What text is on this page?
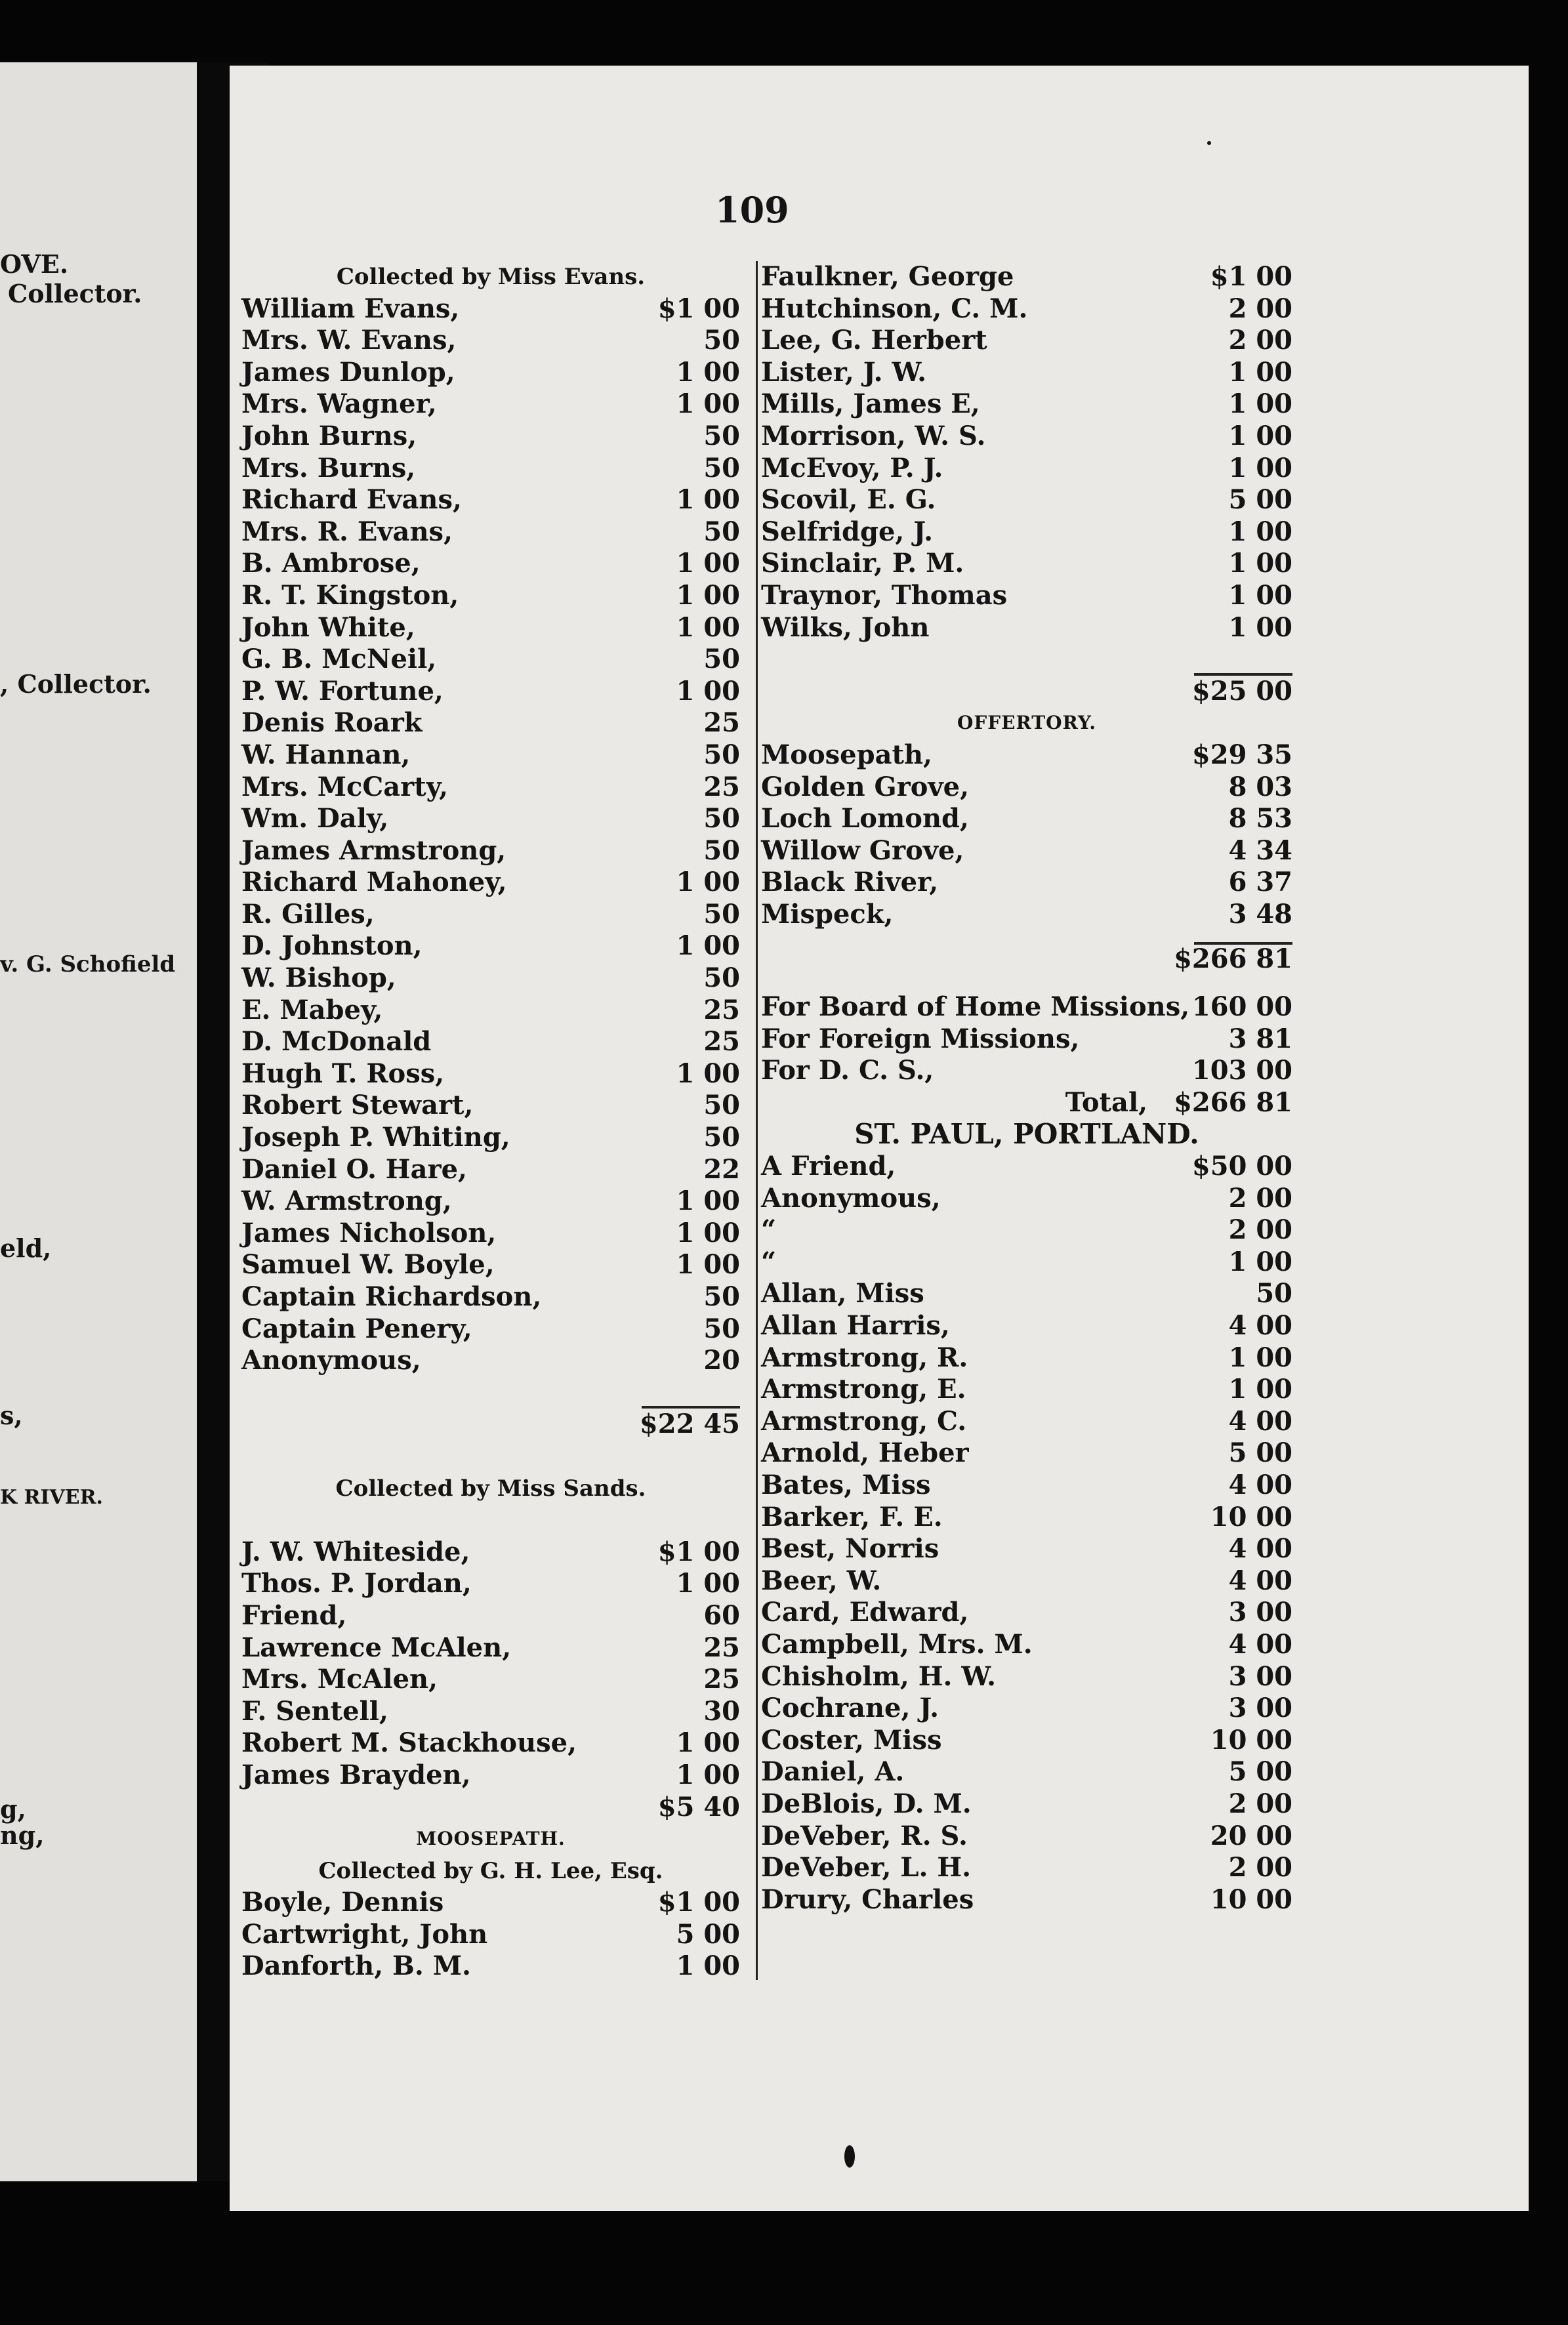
OVE.
Collector.
, Collector.
v. G. Schofield
eld,
s,
K RIVER.
g,
ng,
109
Collected by Miss Evans.
William Evans,	$1 00
Mrs. W. Evans,	50
James Dunlop,	1 00
Mrs. Wagner,	1 00
John Burns,	50
Mrs. Burns,	50
Richard Evans,	1 00
Mrs. R. Evans,	50
B. Ambrose,	1 00
R. T. Kingston,	1 00
John White,	1 00
G. B. McNeil,	50
P. W. Fortune,	1 00
Denis Roark	25
W. Hannan,	50
Mrs. McCarty,	25
Wm. Daly,	50
James Armstrong,	50
Richard Mahoney,	1 00
R. Gilles,	50
D. Johnston,	1 00
W. Bishop,	50
E. Mabey,	25
D. McDonald	25
Hugh T. Ross,	1 00
Robert Stewart,	50
Joseph P. Whiting,	50
Daniel O. Hare,	22
W. Armstrong,	1 00
James Nicholson,	1 00
Samuel W. Boyle,	1 00
Captain Richardson,	50
Captain Penery,	50
Anonymous,	20
$22 45
Collected by Miss Sands.
J. W. Whiteside,	$1 00
Thos. P. Jordan,	1 00
Friend,	60
Lawrence McAlen,	25
Mrs. McAlen,	25
F. Sentell,	30
Robert M. Stackhouse,	1 00
James Brayden,	1 00
$5 40
MOOSEPATH.
Collected by G. H. Lee, Esq.
Boyle, Dennis	$1 00
Cartwright, John	5 00
Danforth, B. M.	1 00
Faulkner, George	$1 00
Hutchinson, C. M.	2 00
Lee, G. Herbert	2 00
Lister, J. W.	1 00
Mills, James E,	1 00
Morrison, W. S.	1 00
McEvoy, P. J.	1 00
Scovil, E. G.	5 00
Selfridge, J.	1 00
Sinclair, P. M.	1 00
Traynor, Thomas	1 00
Wilks, John	1 00
$25 00
OFFERTORY.
Moosepath,	$29 35
Golden Grove,	8 03
Loch Lomond,	8 53
Willow Grove,	4 34
Black River,	6 37
Mispeck,	3 48
$266 81
For Board of Home Missions, 160 00
For Foreign Missions,	3 81
For D. C. S.,	103 00
Total, $266 81
ST. PAUL, PORTLAND.
A Friend,	$50 00
Anonymous,	2 00
“	2 00
“	1 00
Allan, Miss	50
Allan Harris,	4 00
Armstrong, R.	1 00
Armstrong, E.	1 00
Armstrong, C.	4 00
Arnold, Heber	5 00
Bates, Miss	4 00
Barker, F. E.	10 00
Best, Norris	4 00
Beer, W.	4 00
Card, Edward,	3 00
Campbell, Mrs. M.	4 00
Chisholm, H. W.	3 00
Cochrane, J.	3 00
Coster, Miss	10 00
Daniel, A.	5 00
DeBlois, D. M.	2 00
DeVeber, R. S.	20 00
DeVeber, L. H.	2 00
Drury, Charles	10 00
